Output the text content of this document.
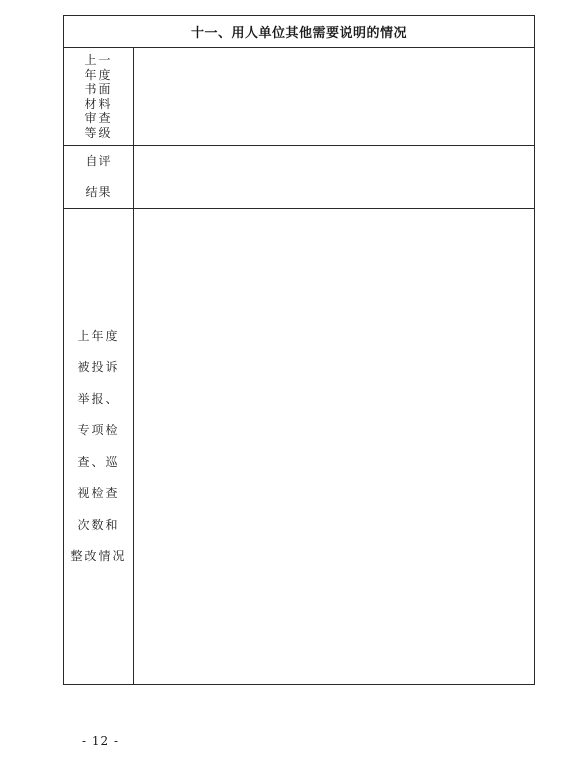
十一、用人单位其他需要说明的情况
上一
年度
书面
材料
审查
等级
自评
结果
上年度
被投诉
举报、
专项检
查、巡
视检查
次数和
整改情况
- 12 -
